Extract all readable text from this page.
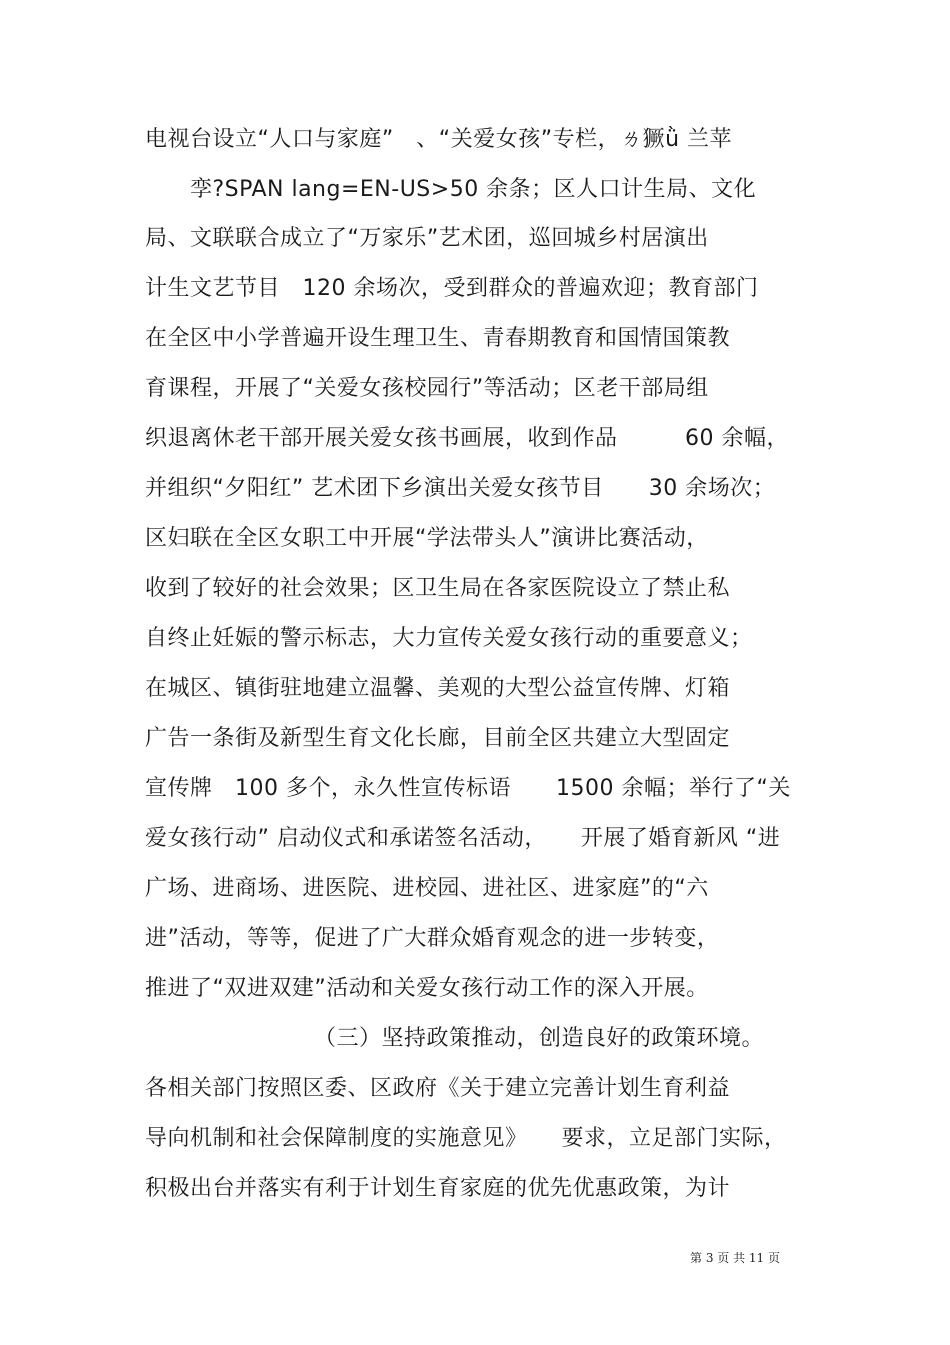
电视台设立“人口与家庭”　、“关爱女孩”专栏，ㄌ獗ǜ 兰苹
孪?SPAN lang=EN-US>50 余条；区人口计生局、文化
局、文联联合成立了“万家乐”艺术团，巡回城乡村居演出
计生文艺节目　120 余场次，受到群众的普遍欢迎；教育部门
在全区中小学普遍开设生理卫生、青春期教育和国情国策教
育课程，开展了“关爱女孩校园行”等活动；区老干部局组
织退离休老干部开展关爱女孩书画展，收到作品　　　60 余幅，
并组织“夕阳红” 艺术团下乡演出关爱女孩节目　　30 余场次；
区妇联在全区女职工中开展“学法带头人”演讲比赛活动，
收到了较好的社会效果；区卫生局在各家医院设立了禁止私
自终止妊娠的警示标志，大力宣传关爱女孩行动的重要意义；
在城区、镇街驻地建立温馨、美观的大型公益宣传牌、灯箱
广告一条街及新型生育文化长廊，目前全区共建立大型固定
宣传牌　100 多个，永久性宣传标语　　1500 余幅；举行了“关
爱女孩行动” 启动仪式和承诺签名活动，　　开展了婚育新风 “进
广场、进商场、进医院、进校园、进社区、进家庭”的“六
进”活动，等等，促进了广大群众婚育观念的进一步转变，
推进了“双进双建”活动和关爱女孩行动工作的深入开展。
　　　　　　　　（三）坚持政策推动，创造良好的政策环境。
各相关部门按照区委、区政府《关于建立完善计划生育利益
导向机制和社会保障制度的实施意见》　　要求，立足部门实际，
积极出台并落实有利于计划生育家庭的优先优惠政策，为计
第 3 页 共 11 页
